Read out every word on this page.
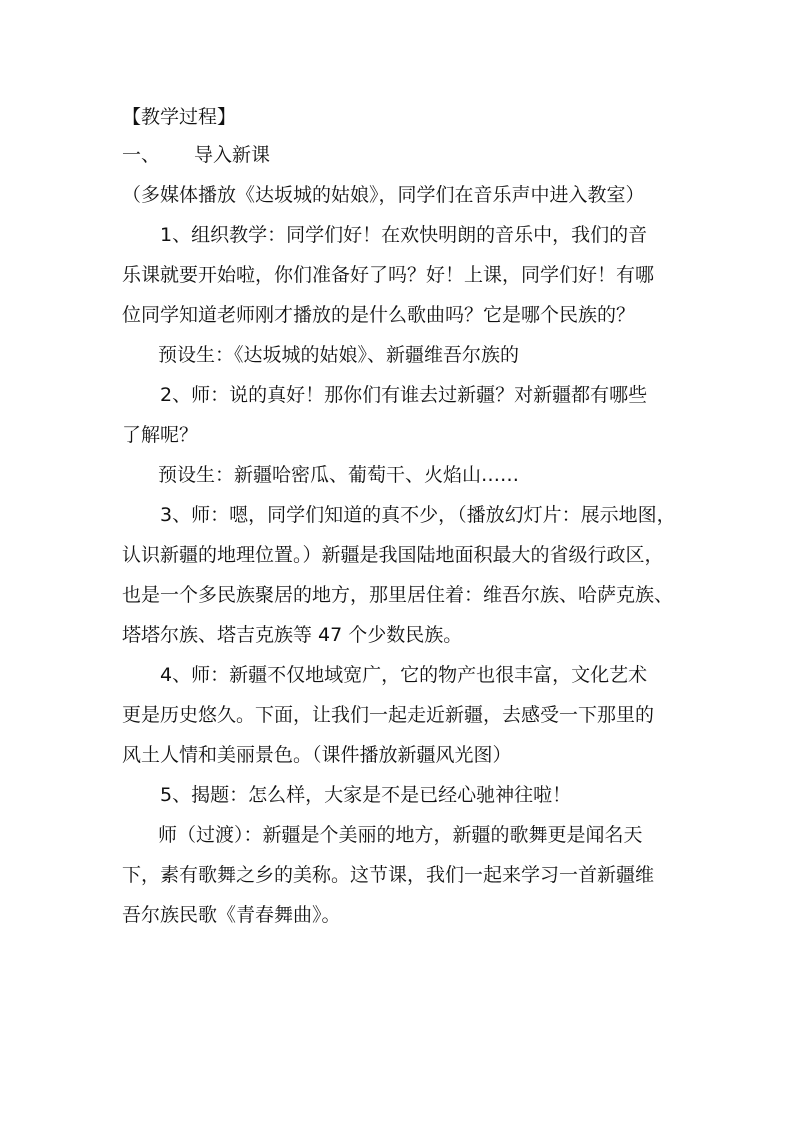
【教学过程】
一、 导入新课
（多媒体播放《达坂城的姑娘》，同学们在音乐声中进入教室）
1、组织教学：同学们好！在欢快明朗的音乐中，我们的音
乐课就要开始啦，你们准备好了吗？好！上课，同学们好！有哪
位同学知道老师刚才播放的是什么歌曲吗？它是哪个民族的？
预设生：《达坂城的姑娘》、新疆维吾尔族的
2、师：说的真好！那你们有谁去过新疆？对新疆都有哪些
了解呢？
预设生：新疆哈密瓜、葡萄干、火焰山……
3、师：嗯，同学们知道的真不少，（播放幻灯片：展示地图，
认识新疆的地理位置。）新疆是我国陆地面积最大的省级行政区，
也是一个多民族聚居的地方，那里居住着：维吾尔族、哈萨克族、
塔塔尔族、塔吉克族等 47 个少数民族。
4、师：新疆不仅地域宽广，它的物产也很丰富，文化艺术
更是历史悠久。下面，让我们一起走近新疆，去感受一下那里的
风土人情和美丽景色。（课件播放新疆风光图）
5、揭题：怎么样，大家是不是已经心驰神往啦！
师（过渡）：新疆是个美丽的地方，新疆的歌舞更是闻名天
下，素有歌舞之乡的美称。这节课，我们一起来学习一首新疆维
吾尔族民歌《青春舞曲》。
